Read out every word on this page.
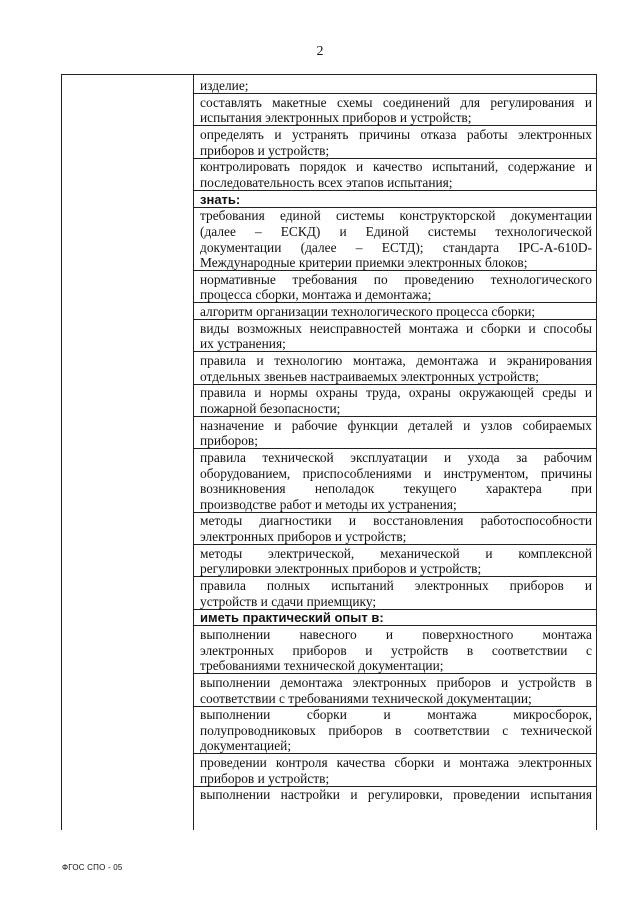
2
изделие;
составлять макетные схемы соединений для регулирования и
испытания электронных приборов и устройств;
определять и устранять причины отказа работы электронных
приборов и устройств;
контролировать порядок и качество испытаний, содержание и
последовательность всех этапов испытания;
знать:
требования единой системы конструкторской документации
(далее – ЕСКД) и Единой системы технологической
документации (далее – ЕСТД); стандарта IPC-A-610D-
Международные критерии приемки электронных блоков;
нормативные требования по проведению технологического
процесса сборки, монтажа и демонтажа;
алгоритм организации технологического процесса сборки;
виды возможных неисправностей монтажа и сборки и способы
их устранения;
правила и технологию монтажа, демонтажа и экранирования
отдельных звеньев настраиваемых электронных устройств;
правила и нормы охраны труда, охраны окружающей среды и
пожарной безопасности;
назначение и рабочие функции деталей и узлов собираемых
приборов;
правила технической эксплуатации и ухода за рабочим
оборудованием, приспособлениями и инструментом, причины
возникновения неполадок текущего характера при
производстве работ и методы их устранения;
методы диагностики и восстановления работоспособности
электронных приборов и устройств;
методы электрической, механической и комплексной
регулировки электронных приборов и устройств;
правила полных испытаний электронных приборов и
устройств и сдачи приемщику;
иметь практический опыт в:
выполнении навесного и поверхностного монтажа
электронных приборов и устройств в соответствии с
требованиями технической документации;
выполнении демонтажа электронных приборов и устройств в
соответствии с требованиями технической документации;
выполнении сборки и монтажа микросборок,
полупроводниковых приборов в соответствии с технической
документацией;
проведении контроля качества сборки и монтажа электронных
приборов и устройств;
выполнении настройки и регулировки, проведении испытания
ФГОС СПО - 05
